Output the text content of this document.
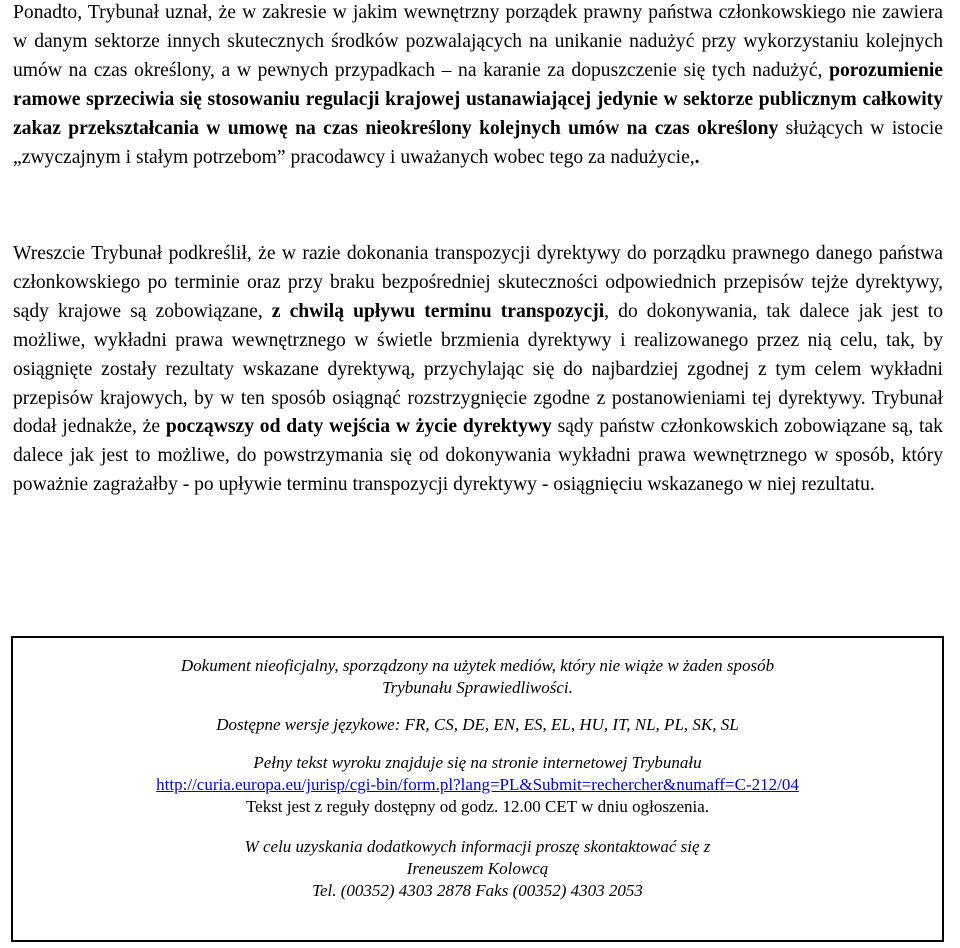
Ponadto, Trybunał uznał, że w zakresie w jakim wewnętrzny porządek prawny państwa członkowskiego nie zawiera w danym sektorze innych skutecznych środków pozwalających na unikanie nadużyć przy wykorzystaniu kolejnych umów na czas określony, a w pewnych przypadkach – na karanie za dopuszczenie się tych nadużyć, porozumienie ramowe sprzeciwia się stosowaniu regulacji krajowej ustanawiającej jedynie w sektorze publicznym całkowity zakaz przekształcania w umowę na czas nieokreślony kolejnych umów na czas określony służących w istocie „zwyczajnym i stałym potrzebom” pracodawcy i uważanych wobec tego za nadużycie,.

Wreszcie Trybunał podkreślił, że w razie dokonania transpozycji dyrektywy do porządku prawnego danego państwa członkowskiego po terminie oraz przy braku bezpośredniej skuteczności odpowiednich przepisów tejże dyrektywy, sądy krajowe są zobowiązane, z chwilą upływu terminu transpozycji, do dokonywania, tak dalece jak jest to możliwe, wykładni prawa wewnętrznego w świetle brzmienia dyrektywy i realizowanego przez nią celu, tak, by osiągnięte zostały rezultaty wskazane dyrektywą, przychylając się do najbardziej zgodnej z tym celem wykładni przepisów krajowych, by w ten sposób osiągnąć rozstrzygnięcie zgodne z postanowieniami tej dyrektywy. Trybunał dodał jednakże, że począwszy od daty wejścia w życie dyrektywy sądy państw członkowskich zobowiązane są, tak dalece jak jest to możliwe, do powstrzymania się od dokonywania wykładni prawa wewnętrznego w sposób, który poważnie zagrażałby - po upływie terminu transpozycji dyrektywy - osiągnięciu wskazanego w niej rezultatu.

Dokument nieoficjalny, sporządzony na użytek mediów, który nie wiąże w żaden sposób
Trybunału Sprawiedliwości.
Dostępne wersje językowe: FR, CS, DE, EN, ES, EL, HU, IT, NL, PL, SK, SL
Pełny tekst wyroku znajduje się na stronie internetowej Trybunału
http://curia.europa.eu/jurisp/cgi-bin/form.pl?lang=PL&Submit=rechercher&numaff=C-212/04
Tekst jest z reguły dostępny od godz. 12.00 CET w dniu ogłoszenia.
W celu uzyskania dodatkowych informacji proszę skontaktować się z
Ireneuszem Kolowcą
Tel. (00352) 4303 2878 Faks (00352) 4303 2053
